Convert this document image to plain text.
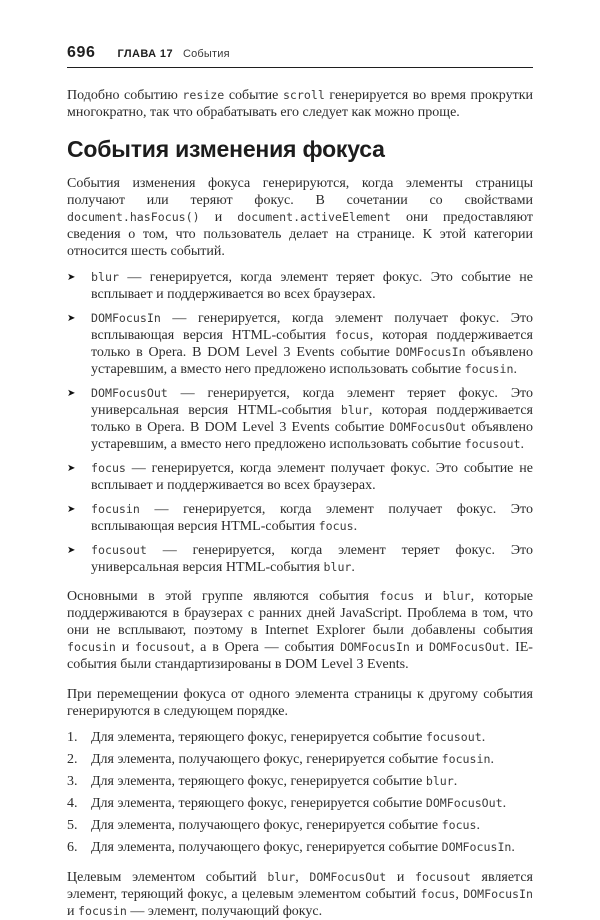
696 ГЛАВА 17 События

Подобно событию resize событие scroll генерируется во время прокрутки многократно, так что обрабатывать его следует как можно проще.

События изменения фокуса

События изменения фокуса генерируются, когда элементы страницы получают или теряют фокус. В сочетании со свойствами document.hasFocus() и document.activeElement они предоставляют сведения о том, что пользователь делает на странице. К этой категории относится шесть событий.

➤	blur — генерируется, когда элемент теряет фокус. Это событие не всплывает и поддерживается во всех браузерах.
➤	DOMFocusIn — генерируется, когда элемент получает фокус. Это всплывающая версия HTML-события focus, которая поддерживается только в Opera. В DOM Level 3 Events событие DOMFocusIn объявлено устаревшим, а вместо него предложено использовать событие focusin.
➤	DOMFocusOut — генерируется, когда элемент теряет фокус. Это универсальная версия HTML-события blur, которая поддерживается только в Opera. В DOM Level 3 Events событие DOMFocusOut объявлено устаревшим, а вместо него предложено использовать событие focusout.
➤	focus — генерируется, когда элемент получает фокус. Это событие не всплывает и поддерживается во всех браузерах.
➤	focusin — генерируется, когда элемент получает фокус. Это всплывающая версия HTML-события focus.
➤	focusout — генерируется, когда элемент теряет фокус. Это универсальная версия HTML-события blur.

Основными в этой группе являются события focus и blur, которые поддерживаются в браузерах с ранних дней JavaScript. Проблема в том, что они не всплывают, поэтому в Internet Explorer были добавлены события focusin и focusout, а в Opera — события DOMFocusIn и DOMFocusOut. IE-события были стандартизированы в DOM Level 3 Events.

При перемещении фокуса от одного элемента страницы к другому события генерируются в следующем порядке.

1. Для элемента, теряющего фокус, генерируется событие focusout.
2. Для элемента, получающего фокус, генерируется событие focusin.
3. Для элемента, теряющего фокус, генерируется событие blur.
4. Для элемента, теряющего фокус, генерируется событие DOMFocusOut.
5. Для элемента, получающего фокус, генерируется событие focus.
6. Для элемента, получающего фокус, генерируется событие DOMFocusIn.

Целевым элементом событий blur, DOMFocusOut и focusout является элемент, теряющий фокус, а целевым элементом событий focus, DOMFocusIn и focusin — элемент, получающий фокус.
